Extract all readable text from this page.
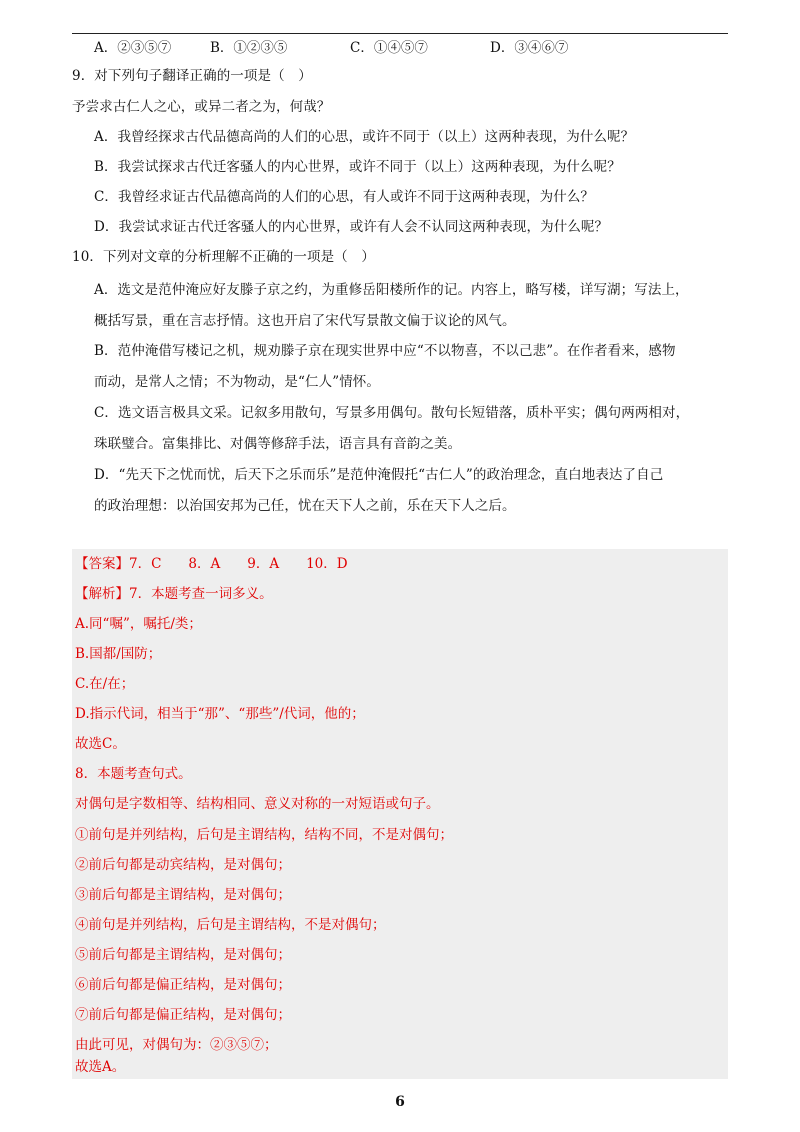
A．②③⑤⑦	B．①②③⑤	C．①④⑤⑦	D．③④⑥⑦
9．对下列句子翻译正确的一项是（　）
予尝求古仁人之心，或异二者之为，何哉？
A．我曾经探求古代品德高尚的人们的心思，或许不同于（以上）这两种表现，为什么呢？
B．我尝试探求古代迁客骚人的内心世界，或许不同于（以上）这两种表现，为什么呢？
C．我曾经求证古代品德高尚的人们的心思，有人或许不同于这两种表现，为什么？
D．我尝试求证古代迁客骚人的内心世界，或许有人会不认同这两种表现，为什么呢？
10．下列对文章的分析理解不正确的一项是（　）
A．选文是范仲淹应好友滕子京之约，为重修岳阳楼所作的记。内容上，略写楼，详写湖；写法上，
概括写景，重在言志抒情。这也开启了宋代写景散文偏于议论的风气。
B．范仲淹借写楼记之机，规劝滕子京在现实世界中应“不以物喜，不以己悲”。在作者看来，感物
而动，是常人之情；不为物动，是“仁人”情怀。
C．选文语言极具文采。记叙多用散句，写景多用偶句。散句长短错落，质朴平实；偶句两两相对，
珠联璧合。富集排比、对偶等修辞手法，语言具有音韵之美。
D．“先天下之忧而忧，后天下之乐而乐”是范仲淹假托“古仁人”的政治理念，直白地表达了自己
的政治理想：以治国安邦为己任，忧在天下人之前，乐在天下人之后。
【答案】7．C　　8．A　　9．A　　10．D
【解析】7．本题考查一词多义。
A.同“嘱”，嘱托/类；
B.国都/国防；
C.在/在；
D.指示代词，相当于“那”、“那些”/代词，他的；
故选C。
8．本题考查句式。
对偶句是字数相等、结构相同、意义对称的一对短语或句子。
①前句是并列结构，后句是主谓结构，结构不同，不是对偶句；
②前后句都是动宾结构，是对偶句；
③前后句都是主谓结构，是对偶句；
④前句是并列结构，后句是主谓结构，不是对偶句；
⑤前后句都是主谓结构，是对偶句；
⑥前后句都是偏正结构，是对偶句；
⑦前后句都是偏正结构，是对偶句；
由此可见，对偶句为：②③⑤⑦；
故选A。
6
